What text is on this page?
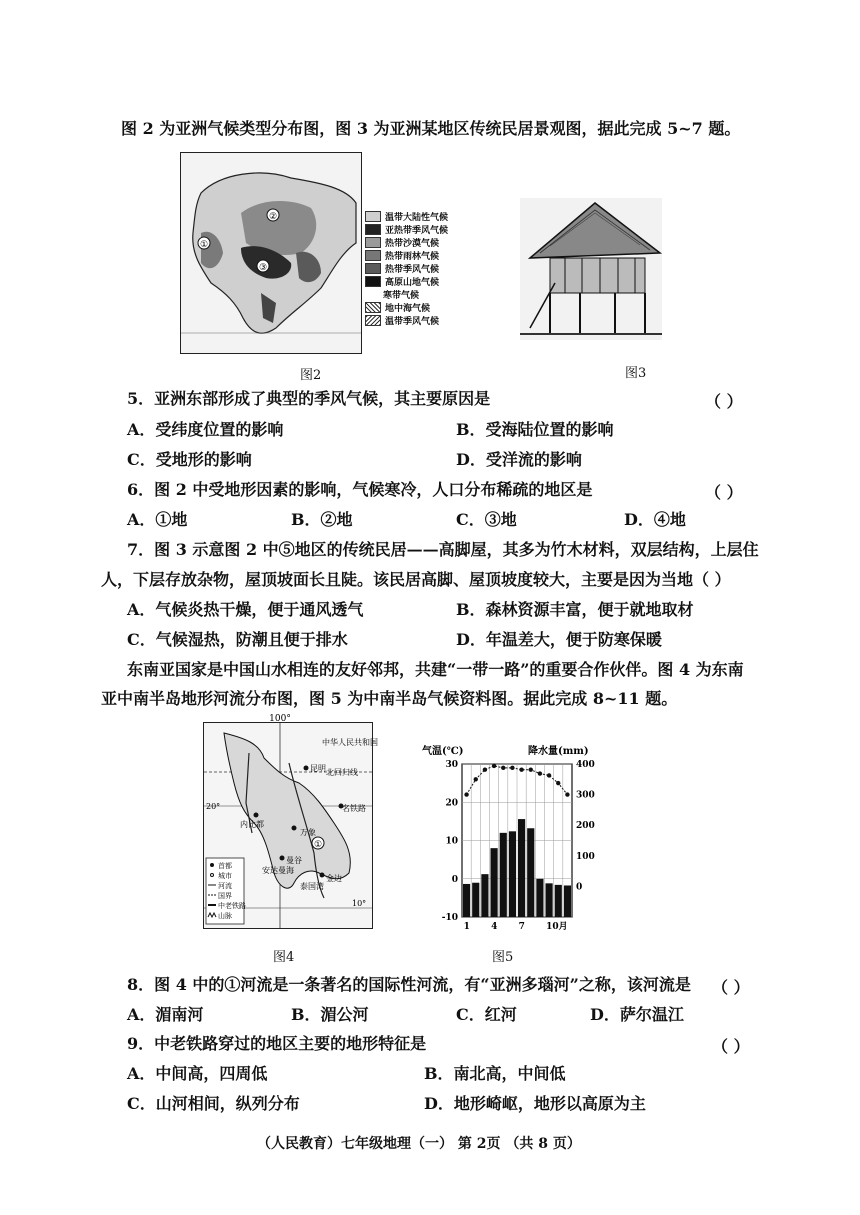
图 2 为亚洲气候类型分布图，图 3 为亚洲某地区传统民居景观图，据此完成 5~7 题。
②
①
③
温带大陆性气候
亚热带季风气候
热带沙漠气候
热带雨林气候
热带季风气候
高原山地气候
寒带气候
地中海气候
温带季风气候
图2	图3
5．亚洲东部形成了典型的季风气候，其主要原因是	（ ）
A．受纬度位置的影响	B．受海陆位置的影响
C．受地形的影响	D．受洋流的影响
6．图 2 中受地形因素的影响，气候寒冷，人口分布稀疏的地区是	（ ）
A．①地	B．②地	C．③地	D．④地
7．图 3 示意图 2 中⑤地区的传统民居——高脚屋，其多为竹木材料，双层结构，上层住
人，下层存放杂物，屋顶坡面长且陡。该民居高脚、屋顶坡度较大，主要是因为当地（ ）
A．气候炎热干燥，便于通风透气	B．森林资源丰富，便于就地取材
C．气候湿热，防潮且便于排水	D．年温差大，便于防寒保暖
东南亚国家是中国山水相连的友好邻邦，共建“一带一路”的重要合作伙伴。图 4 为东南
亚中南半岛地形河流分布图，图 5 为中南半岛气候资料图。据此完成 8~11 题。
①
100°
中华人民共和国
昆明 北回归线
20°
内比都
万象
曼谷
金边
泰国湾
安达曼海
10°
名铁路
首都
城市
河流
国界
中老铁路
山脉
图4
气温(℃)	降水量(mm)
-10
0
10
20
30
0
100
200
300
400
1 4 7 10月
图5
8．图 4 中的①河流是一条著名的国际性河流，有“亚洲多瑙河”之称，该河流是 （ ）
A．湄南河	B．湄公河	C．红河	D．萨尔温江
9．中老铁路穿过的地区主要的地形特征是	（ ）
A．中间高，四周低	B．南北高，中间低
C．山河相间，纵列分布	D．地形崎岖，地形以高原为主
（人民教育）七年级地理（一） 第 2页 （共 8 页）
